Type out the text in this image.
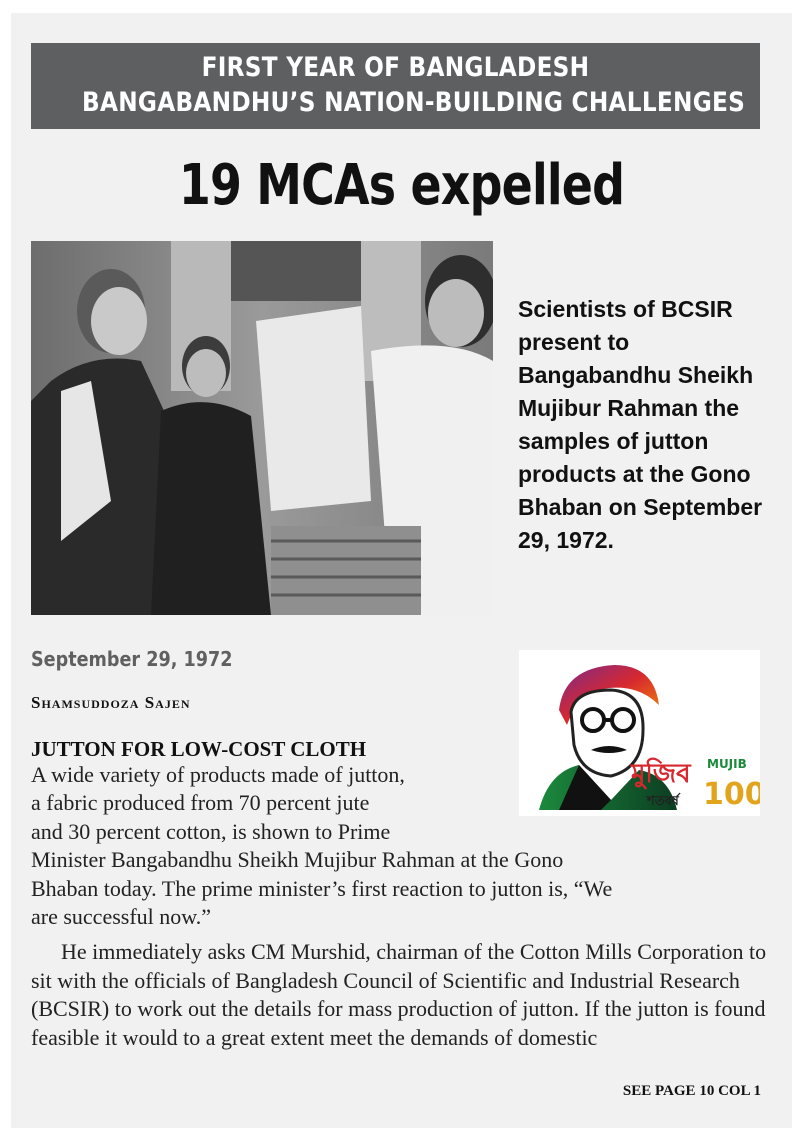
FIRST YEAR OF BANGLADESH
BANGABANDHU’S NATION-BUILDING CHALLENGES
19 MCAs expelled
Scientists of BCSIR present to Bangabandhu Sheikh Mujibur Rahman the samples of jutton products at the Gono Bhaban on September 29, 1972.
September 29, 1972
Shamsuddoza Sajen
মুজিব
শতবর্ষ
MUJIB
100
JUTTON FOR LOW-COST CLOTH

A wide variety of products made of jutton,
a fabric produced from 70 percent jute
and 30 percent cotton, is shown to Prime
Minister Bangabandhu Sheikh Mujibur Rahman at the Gono
Bhaban today. The prime minister’s first reaction to jutton is, “We
are successful now.”

He immediately asks CM Murshid, chairman of the Cotton Mills Corporation to sit with the officials of Bangladesh Council of Scientific and Industrial Research (BCSIR) to work out the details for mass production of jutton. If the jutton is found feasible it would to a great extent meet the demands of domestic

SEE PAGE 10 COL 1
